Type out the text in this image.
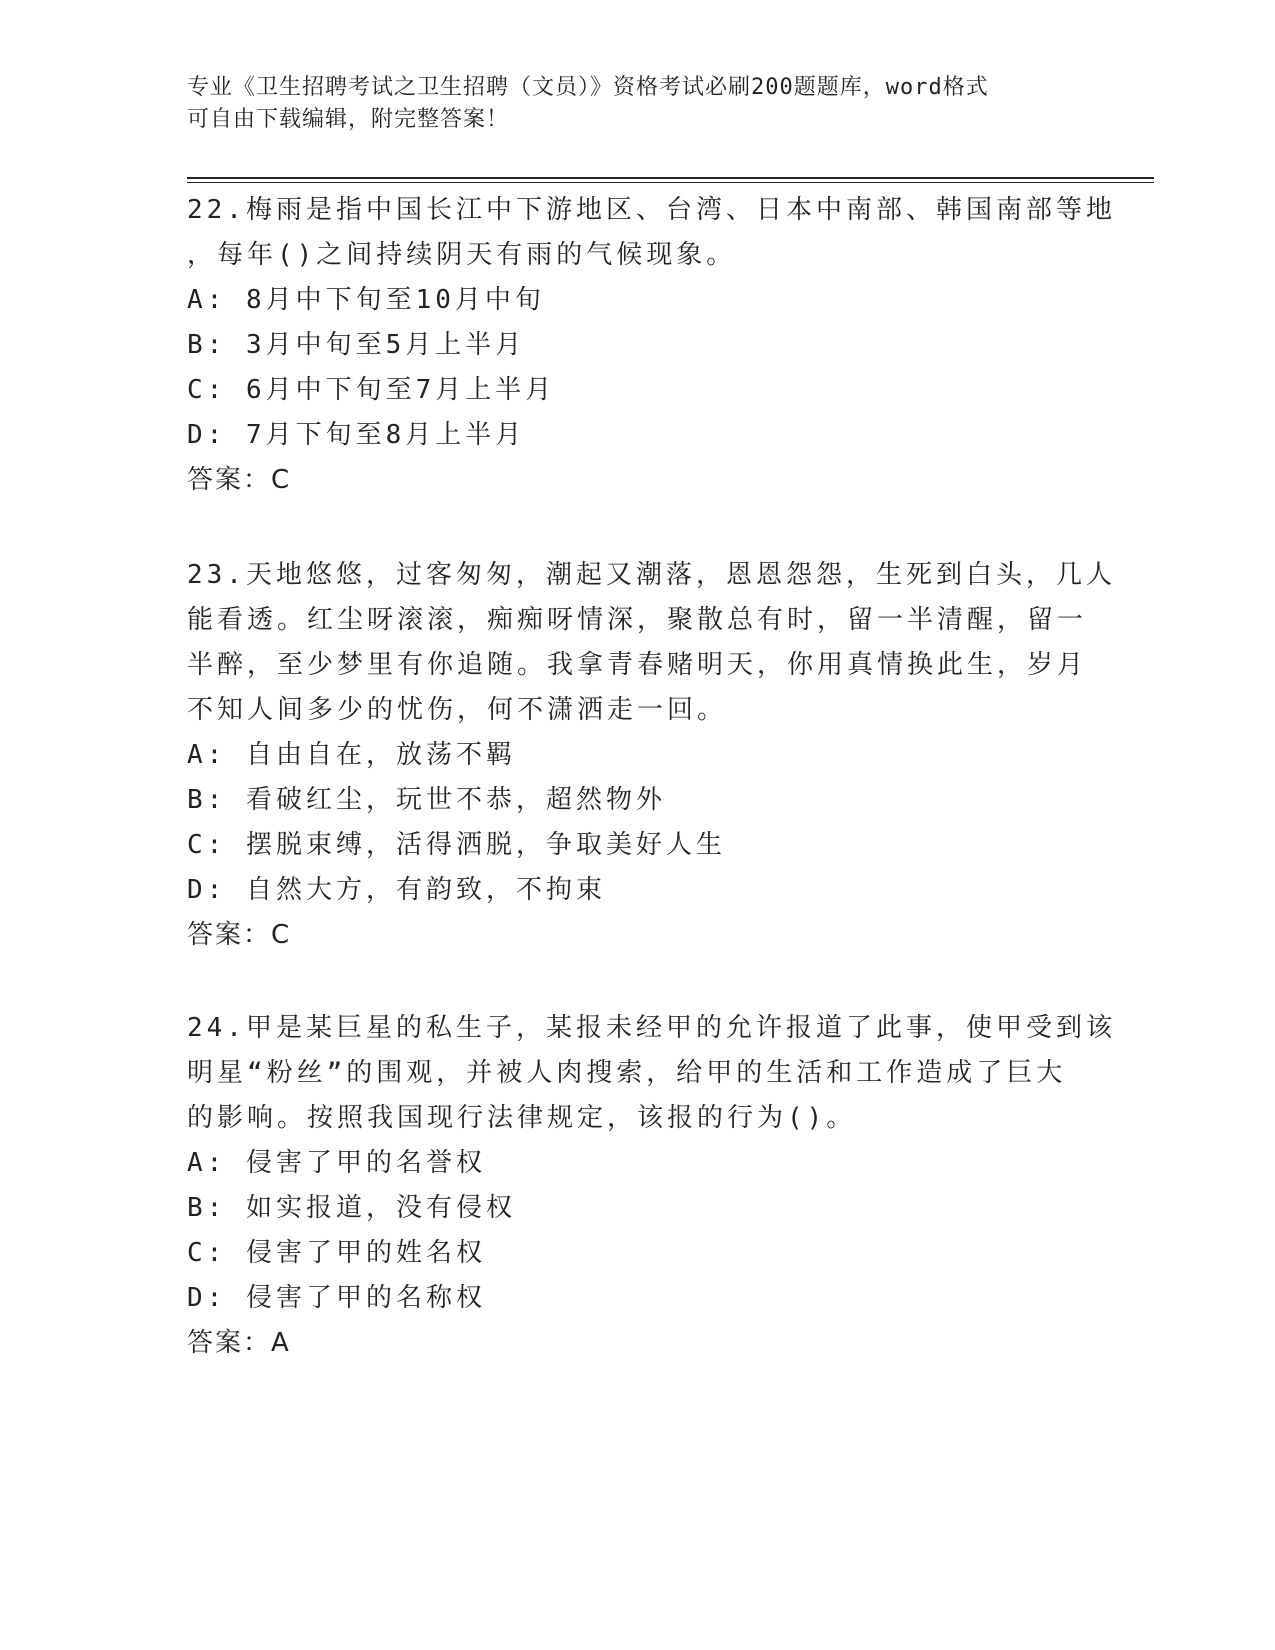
专业《卫生招聘考试之卫生招聘（文员）》资格考试必刷200题题库，word格式
可自由下载编辑，附完整答案！
22.梅雨是指中国长江中下游地区、台湾、日本中南部、韩国南部等地
，每年()之间持续阴天有雨的气候现象。
A: 8月中下旬至10月中旬
B: 3月中旬至5月上半月
C: 6月中下旬至7月上半月
D: 7月下旬至8月上半月
答案：C
23.天地悠悠，过客匆匆，潮起又潮落，恩恩怨怨，生死到白头，几人
能看透。红尘呀滚滚，痴痴呀情深，聚散总有时，留一半清醒，留一
半醉，至少梦里有你追随。我拿青春赌明天，你用真情换此生，岁月
不知人间多少的忧伤，何不潇洒走一回。
A: 自由自在，放荡不羁
B: 看破红尘，玩世不恭，超然物外
C: 摆脱束缚，活得洒脱，争取美好人生
D: 自然大方，有韵致，不拘束
答案：C
24.甲是某巨星的私生子，某报未经甲的允许报道了此事，使甲受到该
明星“粉丝”的围观，并被人肉搜索，给甲的生活和工作造成了巨大
的影响。按照我国现行法律规定，该报的行为()。
A: 侵害了甲的名誉权
B: 如实报道，没有侵权
C: 侵害了甲的姓名权
D: 侵害了甲的名称权
答案：A
